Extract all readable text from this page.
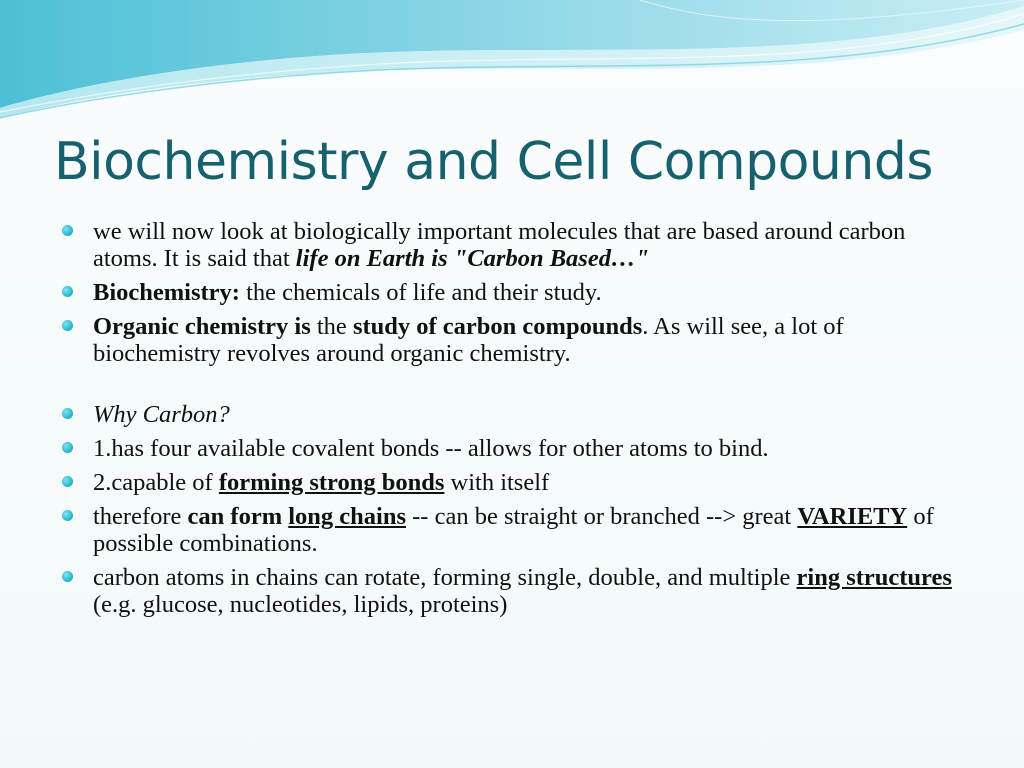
Biochemistry and Cell Compounds
we will now look at biologically important molecules that are based around carbon atoms. It is said that life on Earth is "Carbon Based…"
Biochemistry: the chemicals of life and their study.
Organic chemistry is the study of carbon compounds. As will see, a lot of biochemistry revolves around organic chemistry.
Why Carbon?
1.has four available covalent bonds -- allows for other atoms to bind.
2.capable of forming strong bonds with itself
therefore can form long chains -- can be straight or branched --> great VARIETY of possible combinations.
carbon atoms in chains can rotate, forming single, double, and multiple ring structures (e.g. glucose, nucleotides, lipids, proteins)
